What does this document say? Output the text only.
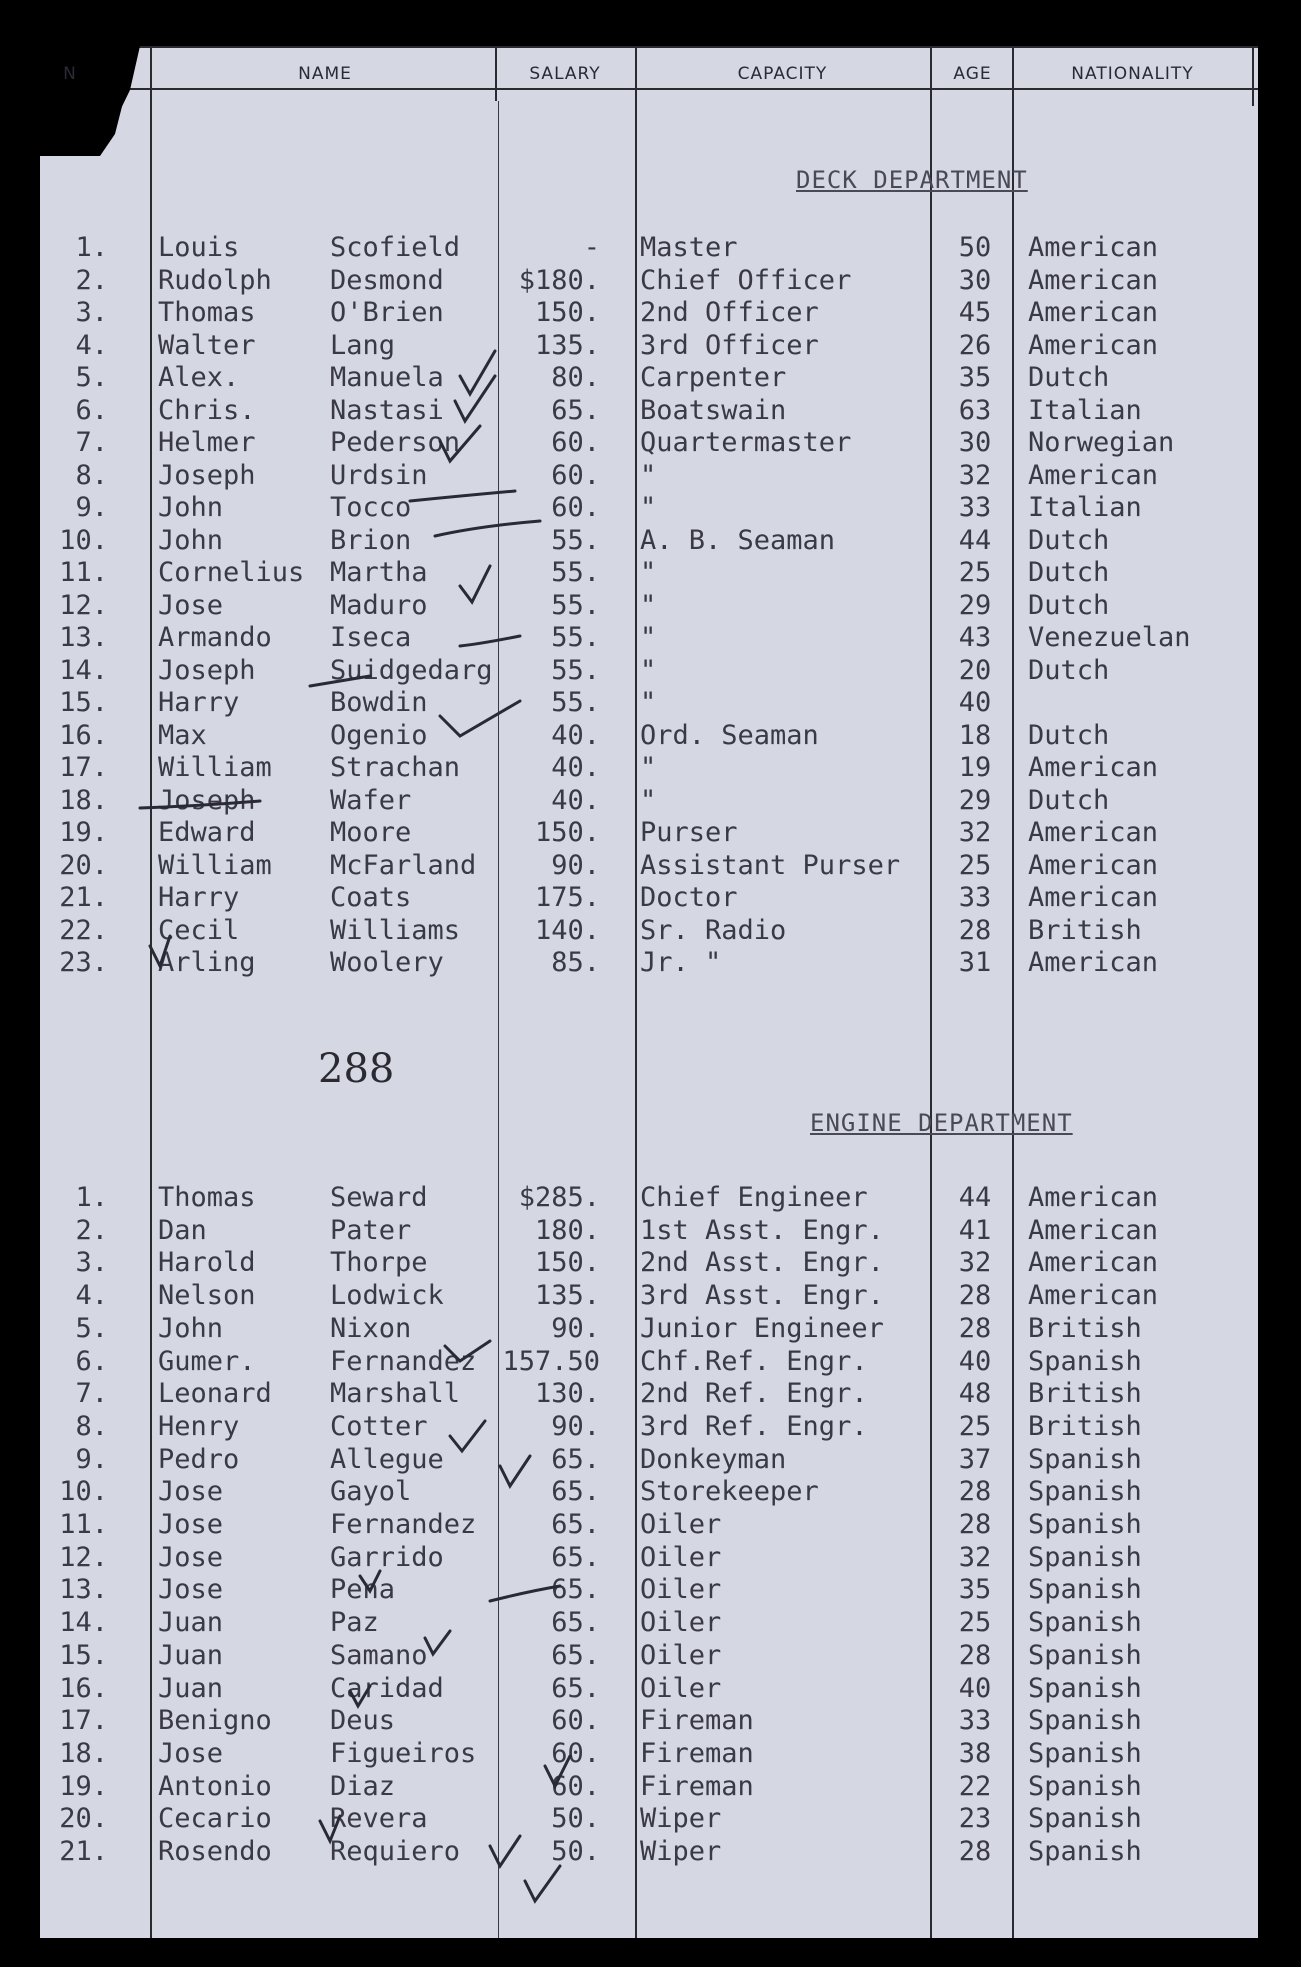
N	NAME	SALARY	CAPACITY	AGE	NATIONALITY
DECK DEPARTMENT
ENGINE DEPARTMENT
1. Louis	Scofield	- Master	50	American
2. Rudolph Desmond	$180. Chief Officer	30	American
3. Thomas	O'Brien	150. 2nd Officer	45	American
4. Walter	Lang	135. 3rd Officer	26	American
5. Alex.	Manuela	80. Carpenter	35	Dutch
6. Chris.	Nastasi	65. Boatswain	63	Italian
7. Helmer	Pederson	60. Quartermaster	30	Norwegian
8. Joseph	Urdsin	60. "	32	American
9. John	Tocco	60. "	33	Italian
10. John	Brion	55. A. B. Seaman	44	Dutch
11. Cornelius Martha	55. "	25	Dutch
12. Jose	Maduro	55. "	29	Dutch
13. Armando Iseca	55. "	43	Venezuelan
14. Joseph	Suidgedarg	55. "	20	Dutch
15. Harry	Bowdin	55. "	40
16. Max	Ogenio	40. Ord. Seaman	18	Dutch
17. William Strachan	40. "	19	American
18. Joseph	Wafer	40. "	29	Dutch
19. Edward	Moore	150. Purser	32	American
20. William McFarland	90. Assistant Purser	25	American
21. Harry	Coats	175. Doctor	33	American
22. Cecil	Williams	140. Sr. Radio	28	British
23. Arling	Woolery	85. Jr. "	31	American
288
1. Thomas	Seward	$285. Chief Engineer	44	American
2. Dan	Pater	180. 1st Asst. Engr.	41	American
3. Harold	Thorpe	150. 2nd Asst. Engr.	32	American
4. Nelson	Lodwick	135. 3rd Asst. Engr.	28	American
5. John	Nixon	90. Junior Engineer	28	British
6. Gumer.	Fernandez 157.50 Chf.Ref. Engr.	40	Spanish
7. Leonard Marshall	130. 2nd Ref. Engr.	48	British
8. Henry	Cotter	90. 3rd Ref. Engr.	25	British
9. Pedro	Allegue	65. Donkeyman	37	Spanish
10. Jose	Gayol	65. Storekeeper	28	Spanish
11. Jose	Fernandez	65. Oiler	28	Spanish
12. Jose	Garrido	65. Oiler	32	Spanish
13. Jose	Pena	65. Oiler	35	Spanish
14. Juan	Paz	65. Oiler	25	Spanish
15. Juan	Samano	65. Oiler	28	Spanish
16. Juan	Caridad	65. Oiler	40	Spanish
17. Benigno Deus	60. Fireman	33	Spanish
18. Jose	Figueiros	60. Fireman	38	Spanish
19. Antonio Diaz	60. Fireman	22	Spanish
20. Cecario Revera	50. Wiper	23	Spanish
21. Rosendo Requiero	50. Wiper	28	Spanish
